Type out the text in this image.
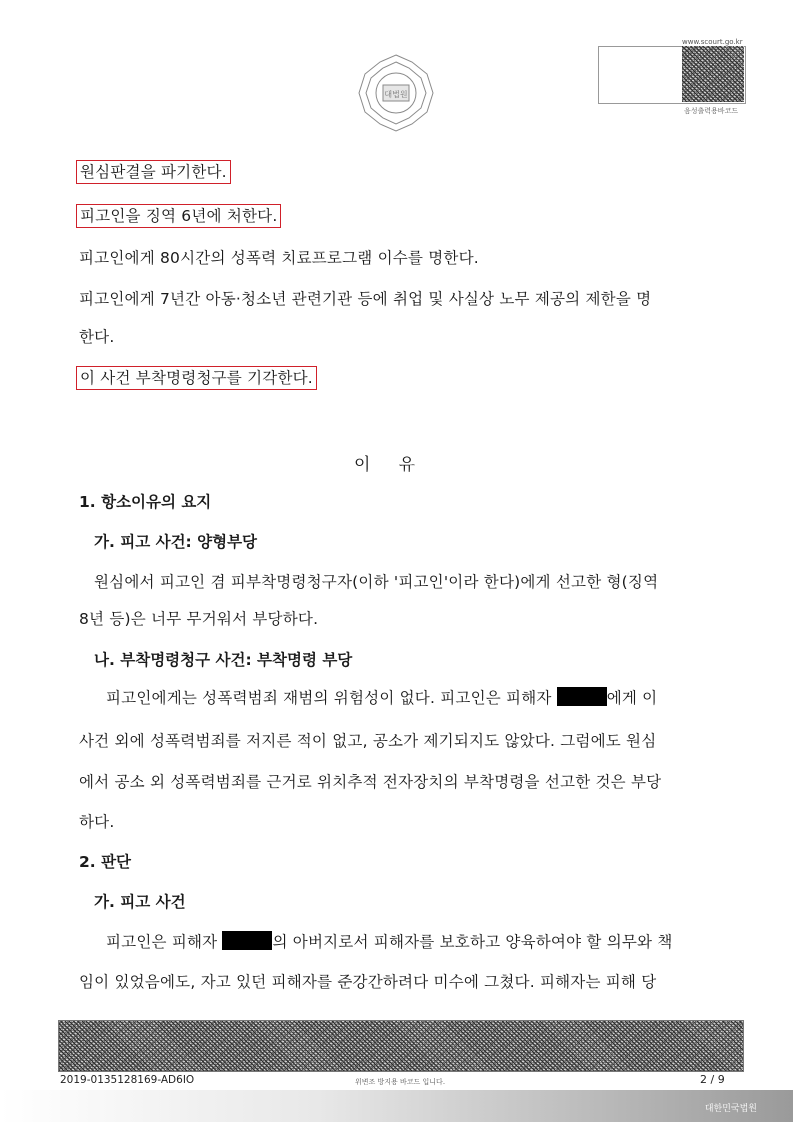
대법원
www.scourt.go.kr
음성출력용바코드
원심판결을 파기한다.
피고인을 징역 6년에 처한다.
피고인에게 80시간의 성폭력 치료프로그램 이수를 명한다.
피고인에게 7년간 아동·청소년 관련기관 등에 취업 및 사실상 노무 제공의 제한을 명
한다.
이 사건 부착명령청구를 기각한다.
이     유
1. 항소이유의 요지
가. 피고 사건: 양형부당
원심에서 피고인 겸 피부착명령청구자(이하 '피고인'이라 한다)에게 선고한 형(징역
8년 등)은 너무 무거워서 부당하다.
나. 부착명령청구 사건: 부착명령 부당
피고인에게는 성폭력범죄 재범의 위험성이 없다. 피고인은 피해자	에게 이
사건 외에 성폭력범죄를 저지른 적이 없고, 공소가 제기되지도 않았다. 그럼에도 원심
에서 공소 외 성폭력범죄를 근거로 위치추적 전자장치의 부착명령을 선고한 것은 부당
하다.
2. 판단
가. 피고 사건
피고인은 피해자	의 아버지로서 피해자를 보호하고 양육하여야 할 의무와 책
임이 있었음에도, 자고 있던 피해자를 준강간하려다 미수에 그쳤다. 피해자는 피해 당
2019-0135128169-AD6IO	위변조 방지용 바코드 입니다.	2 / 9
대한민국법원
